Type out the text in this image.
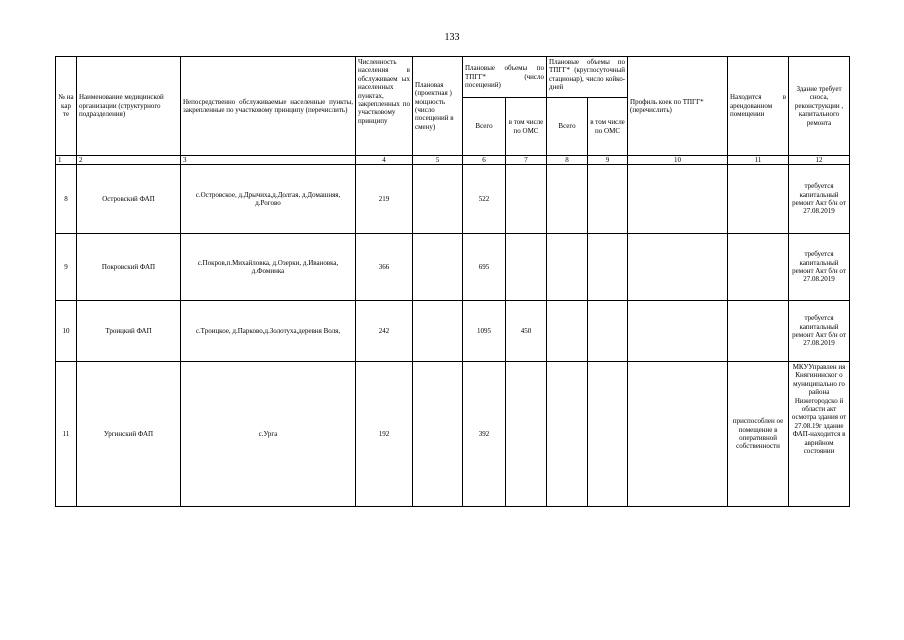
133
№ на кар те	Наименование медицинской организации (структурного подразделения)	Непосредственно обслуживаемые населенные пункты, закрепленные по участковому принципу (перечислить)	Численность населения в обслуживаем ых населенных пунктах, закрепленных по участковому принципу	Плановая (проектная ) мощность (число посещений в смену)	Плановые объемы по ТПГГ* (число посещений)		Плановые объемы по ТПГГ* (круглосуточный стационар), число койко-дней		Профиль коек по ТПГГ* (перечислить)	Находится в арендованном помещении	Здание требует сноса, реконструкции , капитального ремонта
					Всего	в том числе по ОМС	Всего	в том числе по ОМС			
1	2	3	4	5	6	7	8	9	10	11	12
8	Островский ФАП	с.Островское, д.Дрычиха,д.Долгая, д.Домашняя, д.Рогово	219		522						требуется капитальный ремонт Акт б/н от 27.08.2019
9	Покровский ФАП	с.Покров,п.Михайловка, д.Озерки, д.Ивановка, д.Фоминка	366		695						требуется капитальный ремонт Акт б/н от 27.08.2019
10	Троицкий ФАП	с.Троицкое, д.Парково,д.Золотуха,деревня Воля,	242		1095	450					требуется капитальный ремонт Акт б/н от 27.08.2019
11	Ургинский ФАП	с.Урга	192		392					приспособлен ое помещение в оперативной собственности	МКУУправлен ия Княгининског о муниципально го района Нижегородско й области акт осмотра здания от 27.08.19г здание ФАП-находится в аврийном состоянии
